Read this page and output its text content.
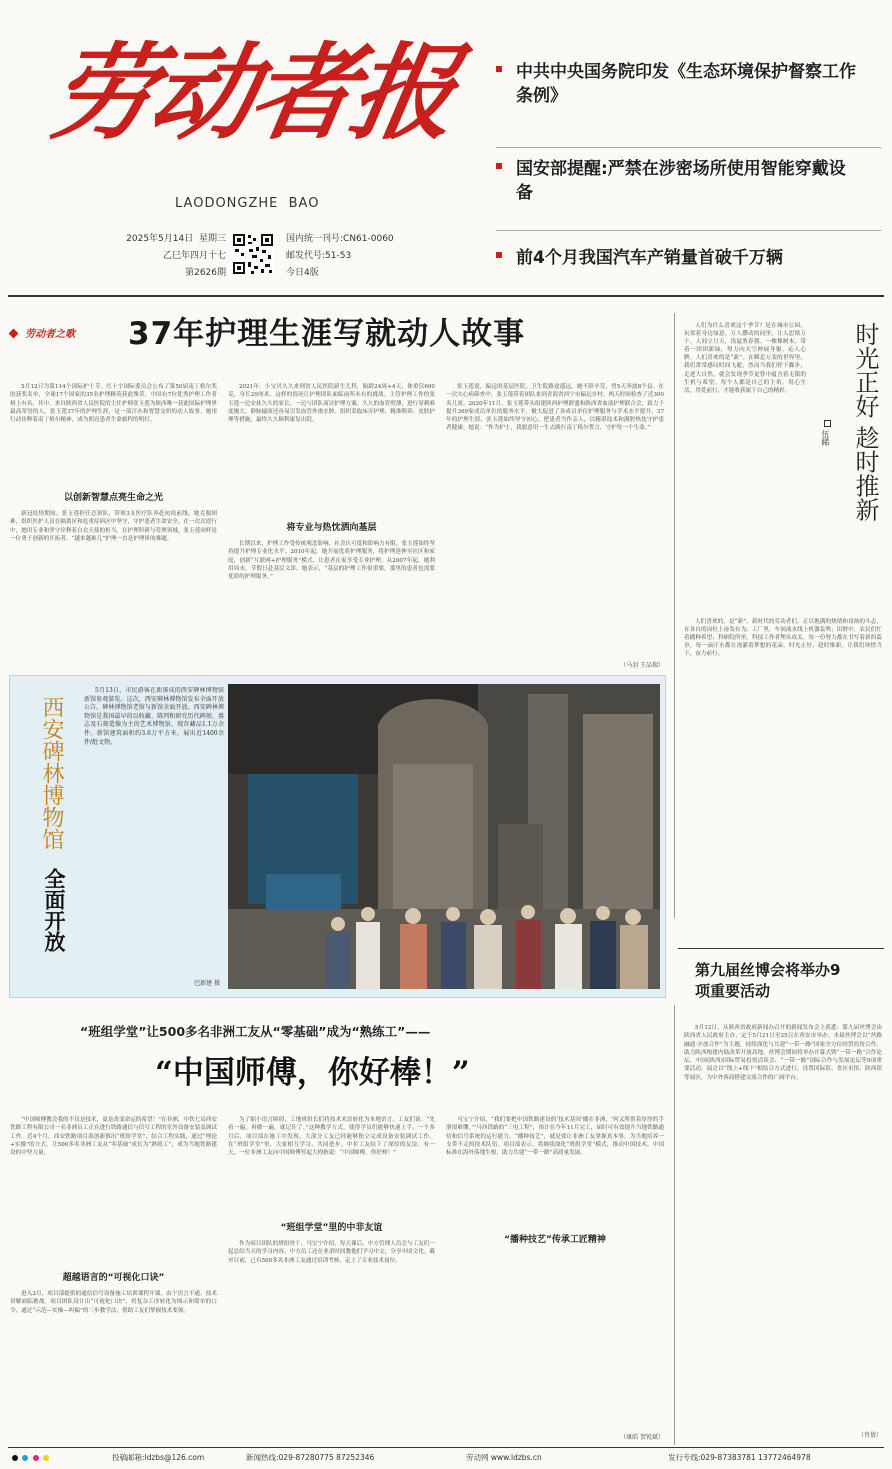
劳动者报
LAODONGZHE  BAO
2025年5月14日 星期三
乙巳年四月十七
第2626期
国内统一刊号:CN61-0060
邮发代号:51-53
今日4版
中共中央国务院印发《生态环境保护督察工作条例》
国安部提醒:严禁在涉密场所使用智能穿戴设备
前4个月我国汽车产销量首破千万辆
劳动者之歌	37年护理生涯写就动人故事

5月12日为第114个国际护士节。红十字国际委员会公布了第50届南丁格尔奖的获奖名单，全球17个国家的35名护理精英获此殊荣。中国有7位优秀护理工作者榜上有名。其中，来自陕西省人民医院的主任护师张玉莲为陕西唯一获此国际护理界最高荣誉的人。张玉莲37年的护理生涯，是一部汗水和智慧交织的动人故事。她用行动诠释着南丁格尔精神，成为照亮患者生命旅程的明灯。

以创新智慧点亮生命之光

新冠疫情期间，张玉莲担任总领队，带领3支医疗队奔赴抗疫前线。她克服困难，组织医护人员在隔离区和危重症病区中坚守，守护患者生命安全。在一次次逆行中，她用专业和坚守诠释着白衣天使的担当。在护理科研与管理领域，张玉莲同样是一位勇于创新的开拓者。“越来越难儿”护理一直是护理界的难题。

2021年，小宝贝久久来到省人民医院新生儿科，胎龄24周+4天，体重仅600克，身长29厘米。这样的情况让护理团队面临前所未有的挑战。主管护理工作的张玉莲一边安抚久久的家长，一边与团队商讨护理方案。久久的血管壁薄，进行穿刺难度极大。静脉输液还容易引发血管外渗水肿。组织采取床旁护理、精准喂养、皮肤护理等措施，最终久久顺利康复出院。

将专业与热忱洒向基层

长期以来，护理工作受传统观念影响，社会认可度和影响力有限。张玉莲始终坚持提升护理专业化水平。2010年起，她开展优质护理服务，将护理延伸至社区和家庭，创新“互联网+护理服务”模式，让患者在家享受专业护理。从2007年起，她利用周末，节假日赴基层义诊。她表示，“基层的护理工作很重要，那里的患者也需要优质的护理服务。”

张玉莲说，偏远的基层医院，卫生院路途遥远，她不辞辛劳，曾5天奔波8个县。在一次夫心病筛查中，张玉莲带着团队来到青海省西宁市偏远乡村，两天时间检查了近300名儿童。2020年11月，张玉莲带头组建陕西护理联盟和陕西省血液护理联合会，致力于提升369家成员单位的服务水平，极大促进了各成员单位护理服务与学术水平提升。37年的护理生涯，张玉莲始终坚守初心，把患者当作亲人，以精湛技术和满腔热忱守护患者健康。她说：“作为护士，我愿意用一生去践行南丁格尔誓言，守护每一个生命。”

（马羽 王品瑞）
西安碑林博物馆
全面开放

5月13日，市民游客在新落成的西安碑林博物馆新馆参观游览。这次，西安碑林博物馆发布全面开放公告，碑林博物馆老馆与新馆全面开放。西安碑林博物馆是我国最早的以收藏、陈列和研究历代碑刻、墓志及石刻造像为主的艺术博物馆，现存藏品1.1万余件。新馆建筑面积约3.6万平方米，展出近1400余件/组文物。

巴新建 摄
时光正好 趁时推新
伍睎

人们为什么喜欢这个季节？是在城市公园，玩赏着身边绿意，万人攒动的同里，让人思绪万千。人间立月天，浅夏胜春朝。一棵棵树木，带着一团团新绿，努力向天空伸展身躯，沁人心脾。人们喜欢的是“新”。在瞬息万变的世界里，我们常常感叹时间飞逝，然而当我们停下脚步，走进大自然，就会发现季节更替中蕴含着无限的生机与希望。每个人都是自己的主角，用心生活，用爱前行，才能收获属于自己的精彩。

人们喜欢的，是“新”。新时代的劳动者们，正以饱满的热情和昂扬的斗志，在各自的岗位上奋发有为。工厂里，车间流水线上机器轰鸣；田野中，农民们忙着播种希望；科研院所里，科技工作者埋头攻关。每一份努力都在书写着新的篇章，每一滴汗水都在浇灌着梦想的花朵。时光正好，趁时推新，让我们珍惜当下，奋力前行。

第九届丝博会将举办9项重要活动

5月12日，从陕西省政府新闻办召开的新闻发布会上获悉：第九届丝博会由陕西省人民政府主办，定于5月21日至25日在西安市举办。本届丝博会以“丝路融通·开放合作”为主题，持续深化与共建“一带一路”国家全方位经贸投资合作，助力陕西构建内陆改革开放高地。丝博会期间将举办开幕式暨“一带一路”合作论坛、中国(陕西)国际贸易投资洽谈会、“一带一路”国际合作与发展论坛等9项重要活动。展会以“线上+线下”相结合方式进行，设置国际馆、省区市馆、陕西馆等展区，为中外客商搭建交流合作的广阔平台。

（肖倩）
“班组学堂”让500多名非洲工友从“零基础”成为“熟练工”——
“中国师傅，你好棒！”

“中国师傅教会我的不仅是技术，更是改变命运的希望！”在非洲，中铁七局西安铁路工程有限公司一名非洲员工正在进行铁路通信与信号工程的室外设备安装及调试工作。近4个月，西安铁路项目部创新推出“班组学堂”，结合工程实践，通过“理论+实操”的方式，让500多名非洲工友从“零基础”成长为“熟练工”，成为当地铁路建设的中坚力量。

超越语言的“可视化口诀”

进入2月，项目部提供的通信信号设备施工培训课程开课。由于语言不通，技术讲解面临挑战。项目团队设计出“可视化口诀”，将复杂工序转化为图示和简单的口令，通过“示范—实操—纠偏”的三步教学法，帮助工友们掌握技术要领。

为了缩小语言障碍，工地班组长们将技术术语转化为本地语言，工友们说：“先看一遍，再做一遍，就记住了。”这种教学方式，使得学员们能够快速上手。一个多月后，项目部在施工中发现，大部分工友已经能够独立完成设备安装调试工作。在“班组学堂”里，大家相互学习、共同进步。中非工友结下了深厚的友谊。有一天，一位非洲工友向中国师傅竖起大拇指说：“中国师傅，你好棒！”

“班组学堂”里的中非友谊

作为项目团队的班组骨干，马宝宁介绍，每天课后，中方管理人员会与工友们一起总结当天的学习内容。中方员工还在业余时间教他们学习中文，分享中国文化。截至目前，已有500多名非洲工友通过培训考核，走上了专业技术岗位。

马宝宁介绍，“我们要把中国铁路建设的‘技术基因’播在非洲，‘何又所借着厚厚的手册很难懂。’”马西铁路的“三电工程”，预计在今年11月完工，届时可有效提升当地铁路通信和信号系统的运行能力。“播种技艺”，就是要让非洲工友掌握真本事，为当地培养一支带不走的技术队伍。项目部表示，将继续深化“班组学堂”模式，推动中国技术、中国标准在海外落地生根，助力共建“一带一路”高质量发展。

“播种技艺”传承工匠精神
（康皓 贺锐斌）

投稿邮箱:ldzbs@126.com	新闻热线:029-87280775 87252346	劳动网 www.ldzbs.cn	发行专线:029-87383781 13772464978
